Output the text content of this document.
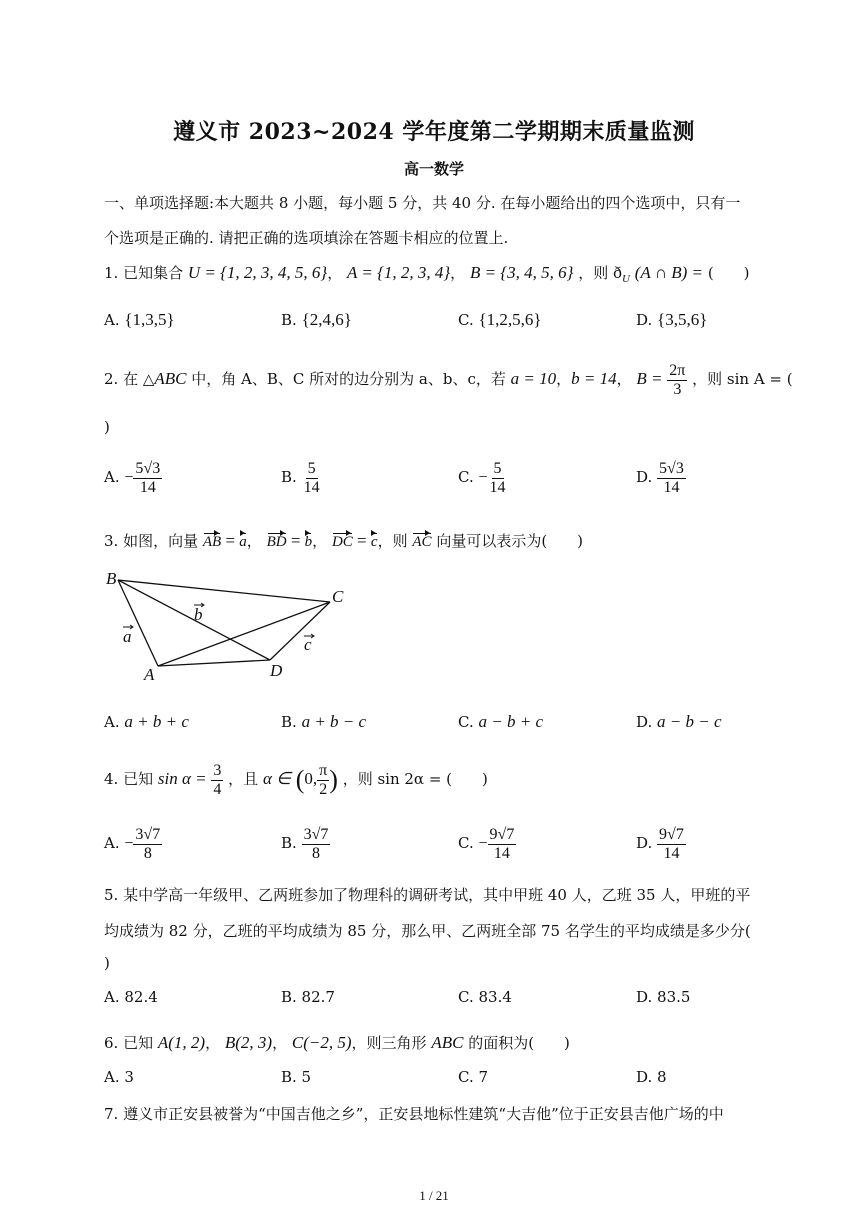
遵义市 2023~2024 学年度第二学期期末质量监测
高一数学
一、单项选择题:本大题共 8 小题，每小题 5 分，共 40 分. 在每小题给出的四个选项中，只有一
个选项是正确的. 请把正确的选项填涂在答题卡相应的位置上.
1. 已知集合 U = {1, 2, 3, 4, 5, 6}， A = {1, 2, 3, 4}， B = {3, 4, 5, 6} ，则 $ð_U$ (A ∩ B) = (　　)
A. {1,3,5}	B. {2,4,6}	C. {1,2,5,6}	D. {3,5,6}
2. 在 △ABC 中，角 A、B、C 所对的边分别为 a、b、c，若 a = 10，b = 14， $B = \frac{2\pi}{3}$ ，则 sin A = (
)
A. − $\frac{5√3}{14}$	B. $\frac{5}{14}$	C. − $\frac{5}{14}$	D. $\frac{5√3}{14}$
3. 如图，向量 AB = a， BD = b， DC = c，则 AC 向量可以表示为(　　)
B
C
A	D
a
b
c
A. a + b + c	B. a + b − c	C. a − b + c	D. a − b − c
4. 已知 $\sin \alpha = \frac{3}{4}$ ，且 α ∈ (0, $\frac{\pi}{2}$ ) ，则 sin 2α = (　　)
A. − $\frac{3√7}{8}$	B. $\frac{3√7}{8}$	C. − $\frac{9√7}{14}$	D. $\frac{9√7}{14}$
5. 某中学高一年级甲、乙两班参加了物理科的调研考试，其中甲班 40 人，乙班 35 人，甲班的平
均成绩为 82 分，乙班的平均成绩为 85 分，那么甲、乙两班全部 75 名学生的平均成绩是多少分(
)
A. 82.4	B. 82.7	C. 83.4	D. 83.5
6. 已知 A(1, 2)， B(2, 3)， C(−2, 5)，则三角形 ABC 的面积为(　　)
A. 3	B. 5	C. 7	D. 8
7. 遵义市正安县被誉为“中国吉他之乡”，正安县地标性建筑“大吉他”位于正安县吉他广场的中
1 / 21
